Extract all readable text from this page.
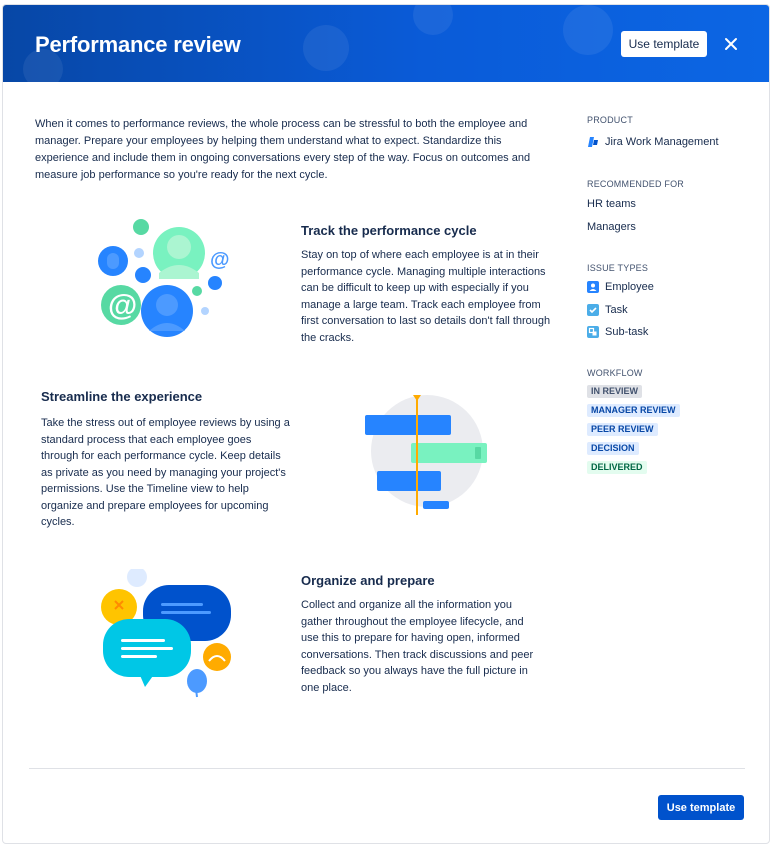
Performance review	Use template
When it comes to performance reviews, the whole process can be stressful to both the employee and manager. Prepare your employees by helping them understand what to expect. Standardize this experience and include them in ongoing conversations every step of the way. Focus on outcomes and measure job performance so you're ready for the next cycle.
@
@
Track the performance cycle
Stay on top of where each employee is at in their performance cycle. Managing multiple interactions can be difficult to keep up with especially if you manage a large team. Track each employee from first conversation to last so details don't fall through the cracks.
Streamline the experience
Take the stress out of employee reviews by using a standard process that each employee goes through for each performance cycle. Keep details as private as you need by managing your project's permissions. Use the Timeline view to help organize and prepare employees for upcoming cycles.
Organize and prepare
Collect and organize all the information you gather throughout the employee lifecycle, and use this to prepare for having open, informed conversations. Then track discussions and peer feedback so you always have the full picture in one place.
PRODUCT
Jira Work Management
RECOMMENDED FOR
HR teams
Managers
ISSUE TYPES
Employee
Task
Sub-task
WORKFLOW
IN REVIEW
MANAGER REVIEW
PEER REVIEW
DECISION
DELIVERED
Use template
